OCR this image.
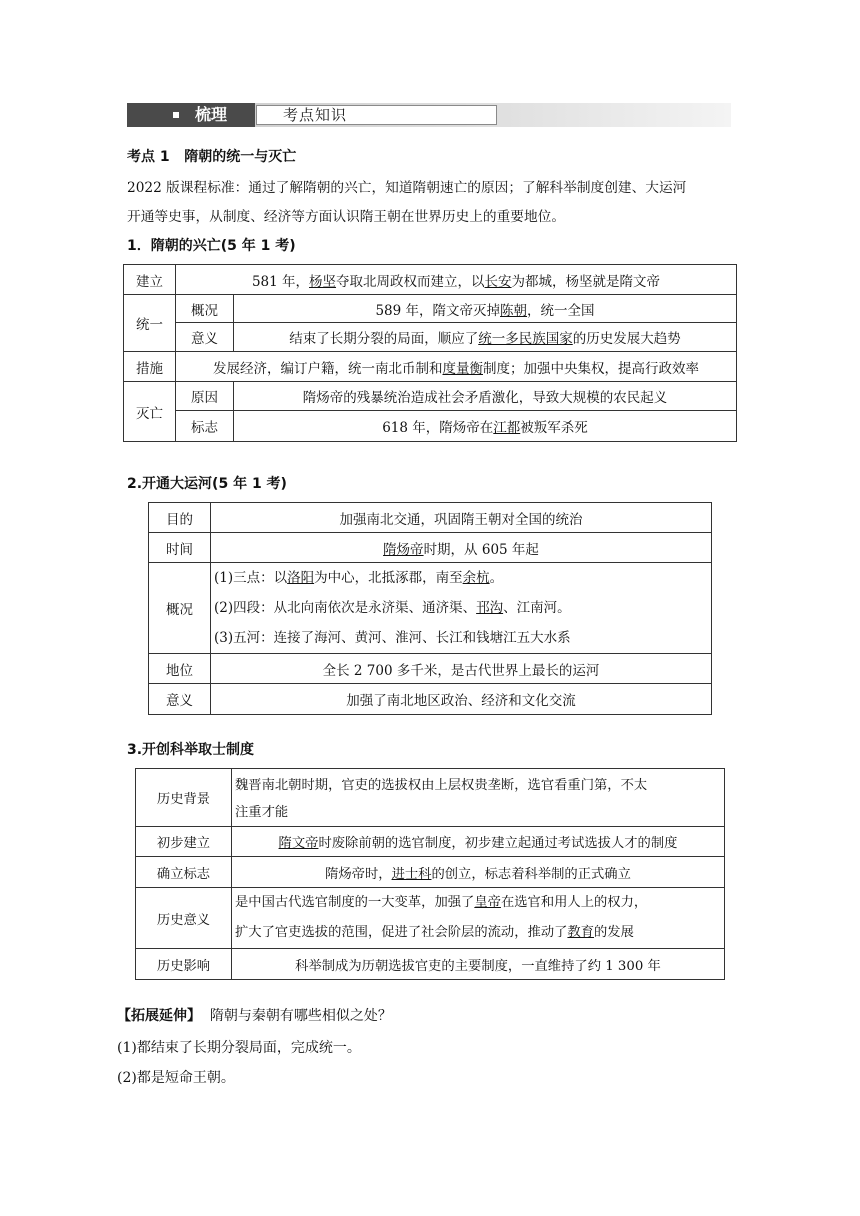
梳理	考点知识
考点 1 隋朝的统一与灭亡
2022 版课程标准：通过了解隋朝的兴亡，知道隋朝速亡的原因；了解科举制度创建、大运河
开通等史事，从制度、经济等方面认识隋王朝在世界历史上的重要地位。
1．隋朝的兴亡(5 年 1 考)
建立	581 年，杨坚夺取北周政权而建立，以长安为都城，杨坚就是隋文帝	
统一	概况	589 年，隋文帝灭掉陈朝，统一全国
	意义	结束了长期分裂的局面，顺应了统一多民族国家的历史发展大趋势
措施	发展经济，编订户籍，统一南北币制和度量衡制度；加强中央集权，提高行政效率	
灭亡	原因	隋炀帝的残暴统治造成社会矛盾激化，导致大规模的农民起义
	标志	618 年，隋炀帝在江都被叛军杀死
2.开通大运河(5 年 1 考)
目的	加强南北交通，巩固隋王朝对全国的统治
时间	隋炀帝时期，从 605 年起
概况	(1)三点：以洛阳为中心，北抵涿郡，南至余杭。
(2)四段：从北向南依次是永济渠、通济渠、邗沟、江南河。
(3)五河：连接了海河、黄河、淮河、长江和钱塘江五大水系

地位	全长 2 700 多千米，是古代世界上最长的运河
意义	加强了南北地区政治、经济和文化交流
3.开创科举取士制度
历史背景	魏晋南北朝时期，官吏的选拔权由上层权贵垄断，选官看重门第，不太
注重才能

初步建立	隋文帝时废除前朝的选官制度，初步建立起通过考试选拔人才的制度
确立标志	隋炀帝时，进士科的创立，标志着科举制的正式确立
历史意义	是中国古代选官制度的一大变革，加强了皇帝在选官和用人上的权力，
扩大了官吏选拔的范围，促进了社会阶层的流动，推动了教育的发展

历史影响	科举制成为历朝选拔官吏的主要制度，一直维持了约 1 300 年
【拓展延伸】 隋朝与秦朝有哪些相似之处？
(1)都结束了长期分裂局面，完成统一。
(2)都是短命王朝。
